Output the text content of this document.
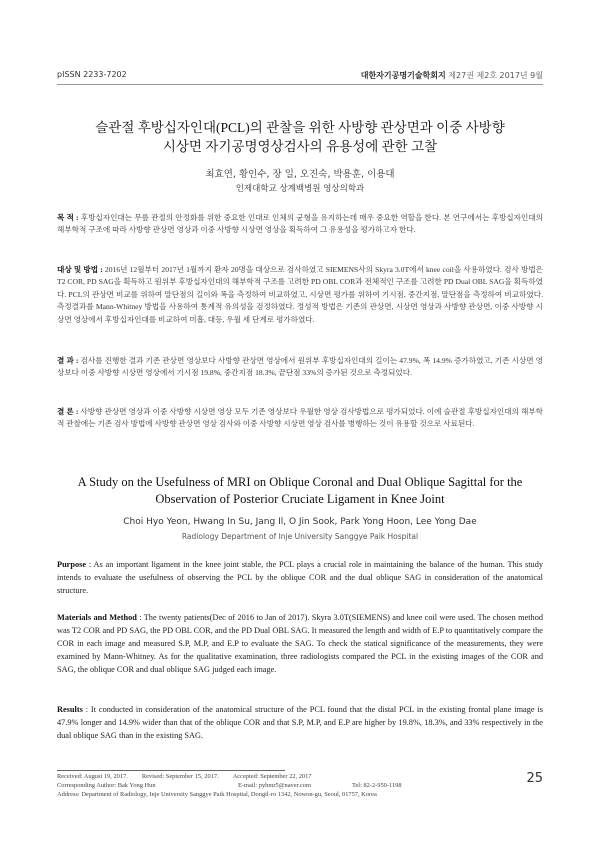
pISSN 2233-7202	대한자기공명기술학회지 제27권 제2호 2017년 9월
슬관절 후방십자인대(PCL)의 관찰을 위한 사방향 관상면과 이중 사방향
시상면 자기공명영상검사의 유용성에 관한 고찰
최효연, 황인수, 장 일, 오진숙, 박용훈, 이용대
인제대학교 상계백병원 영상의학과
목 적 : 후방십자인대는 무릎 관절의 안정화를 위한 중요한 인대로 인체의 균형을 유지하는데 매우 중요한 역할을 한다. 본 연구에서는 후방십자인대의 해부학적 구조에 따라 사방향 관상면 영상과 이중 사방향 시상면 영상을 획득하여 그 유용성을 평가하고자 한다.
대상 및 방법 : 2016년 12월부터 2017년 1월까지 환자 20명을 대상으로 검사하였고 SIEMENS사의 Skyra 3.0T에서 knee coil을 사용하였다. 검사 방법은 T2 COR, PD SAG을 획득하고 원위부 후방십자인대의 해부학적 구조를 고려한 PD OBL COR과 전체적인 구조를 고려한 PD Dual OBL SAG을 획득하였다. PCL의 관상면 비교를 위하여 말단점의 길이와 폭을 측정하여 비교하였고, 시상면 평가를 위하여 기시점, 중간지점, 말단점을 측정하여 비교하였다. 측정결과를 Mann-Whitney 방법을 사용하여 통계적 유의성을 검정하였다. 정성적 방법은 기존의 관상면, 시상면 영상과 사방향 관상면, 이중 사방향 시상면 영상에서 후방십자인대를 비교하여 미흡, 대등, 우월 세 단계로 평가하였다.
결 과 : 검사를 진행한 결과 기존 관상면 영상보다 사방향 관상면 영상에서 원위부 후방십자인대의 길이는 47.9%, 폭 14.9% 증가하였고, 기존 시상면 영상보다 이중 사방향 시상면 영상에서 기시점 19.8%, 중간지점 18.3%, 끝단점 33%의 증가된 것으로 측정되었다.
결 론 : 사방향 관상면 영상과 이중 사방향 시상면 영상 모두 기존 영상보다 우월한 영상 검사방법으로 평가되었다. 이에 슬관절 후방십자인대의 해부학적 관찰에는 기존 검사 방법에 사방향 관상면 영상 검사와 이중 사방향 시상면 영상 검사를 병행하는 것이 유용할 것으로 사료된다.
A Study on the Usefulness of MRI on Oblique Coronal and Dual Oblique Sagittal for the
Observation of Posterior Cruciate Ligament in Knee Joint
Choi Hyo Yeon, Hwang In Su, Jang Il, O Jin Sook, Park Yong Hoon, Lee Yong Dae
Radiology Department of Inje University Sanggye Paik Hospital
Purpose : As an important ligament in the knee joint stable, the PCL plays a crucial role in maintaining the balance of the human. This study intends to evaluate the usefulness of observing the PCL by the oblique COR and the dual oblique SAG in consideration of the anatomical structure.
Materials and Method : The twenty patients(Dec of 2016 to Jan of 2017). Skyra 3.0T(SIEMENS) and knee coil were used. The chosen method was T2 COR and PD SAG, the PD OBL COR, and the PD Dual OBL SAG. It measured the length and width of E.P to quantitatively compare the COR in each image and measured S.P, M.P, and E.P to evaluate the SAG. To check the statical significance of the measurements, they were examined by Mann-Whitney. As for the qualitative examination, three radiologists compared the PCL in the existing images of the COR and SAG, the oblique COR and dual oblique SAG judged each image.
Results : It conducted in consideration of the anatomical structure of the PCL found that the distal PCL in the existing frontal plane image is 47.9% longer and 14.9% wider than that of the oblique COR and that S.P, M.P, and E.P are higher by 19.8%, 18.3%, and 33% respectively in the dual oblique SAG than in the existing SAG.
Received: August 19, 2017. Revised: September 15, 2017. Accepted: September 22, 2017
Corresponding Author: Bak Yong Hun	E-mail: pyhmr5@naver.com	Tel: 82-2-950-1198
Address: Department of Radiology, Inje University Sanggye Paik Hospital, Dongil-ro 1342, Nowon-gu, Seoul, 01757, Korea
25
